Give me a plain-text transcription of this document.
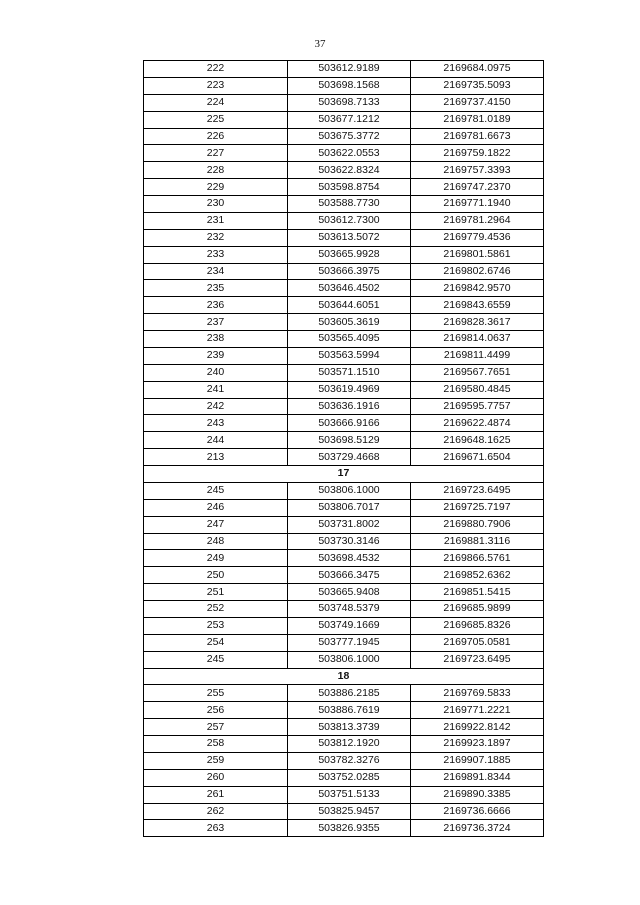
37
222	503612.9189	2169684.0975
223	503698.1568	2169735.5093
224	503698.7133	2169737.4150
225	503677.1212	2169781.0189
226	503675.3772	2169781.6673
227	503622.0553	2169759.1822
228	503622.8324	2169757.3393
229	503598.8754	2169747.2370
230	503588.7730	2169771.1940
231	503612.7300	2169781.2964
232	503613.5072	2169779.4536
233	503665.9928	2169801.5861
234	503666.3975	2169802.6746
235	503646.4502	2169842.9570
236	503644.6051	2169843.6559
237	503605.3619	2169828.3617
238	503565.4095	2169814.0637
239	503563.5994	2169811.4499
240	503571.1510	2169567.7651
241	503619.4969	2169580.4845
242	503636.1916	2169595.7757
243	503666.9166	2169622.4874
244	503698.5129	2169648.1625
213	503729.4668	2169671.6504
17		
245	503806.1000	2169723.6495
246	503806.7017	2169725.7197
247	503731.8002	2169880.7906
248	503730.3146	2169881.3116
249	503698.4532	2169866.5761
250	503666.3475	2169852.6362
251	503665.9408	2169851.5415
252	503748.5379	2169685.9899
253	503749.1669	2169685.8326
254	503777.1945	2169705.0581
245	503806.1000	2169723.6495
18		
255	503886.2185	2169769.5833
256	503886.7619	2169771.2221
257	503813.3739	2169922.8142
258	503812.1920	2169923.1897
259	503782.3276	2169907.1885
260	503752.0285	2169891.8344
261	503751.5133	2169890.3385
262	503825.9457	2169736.6666
263	503826.9355	2169736.3724
